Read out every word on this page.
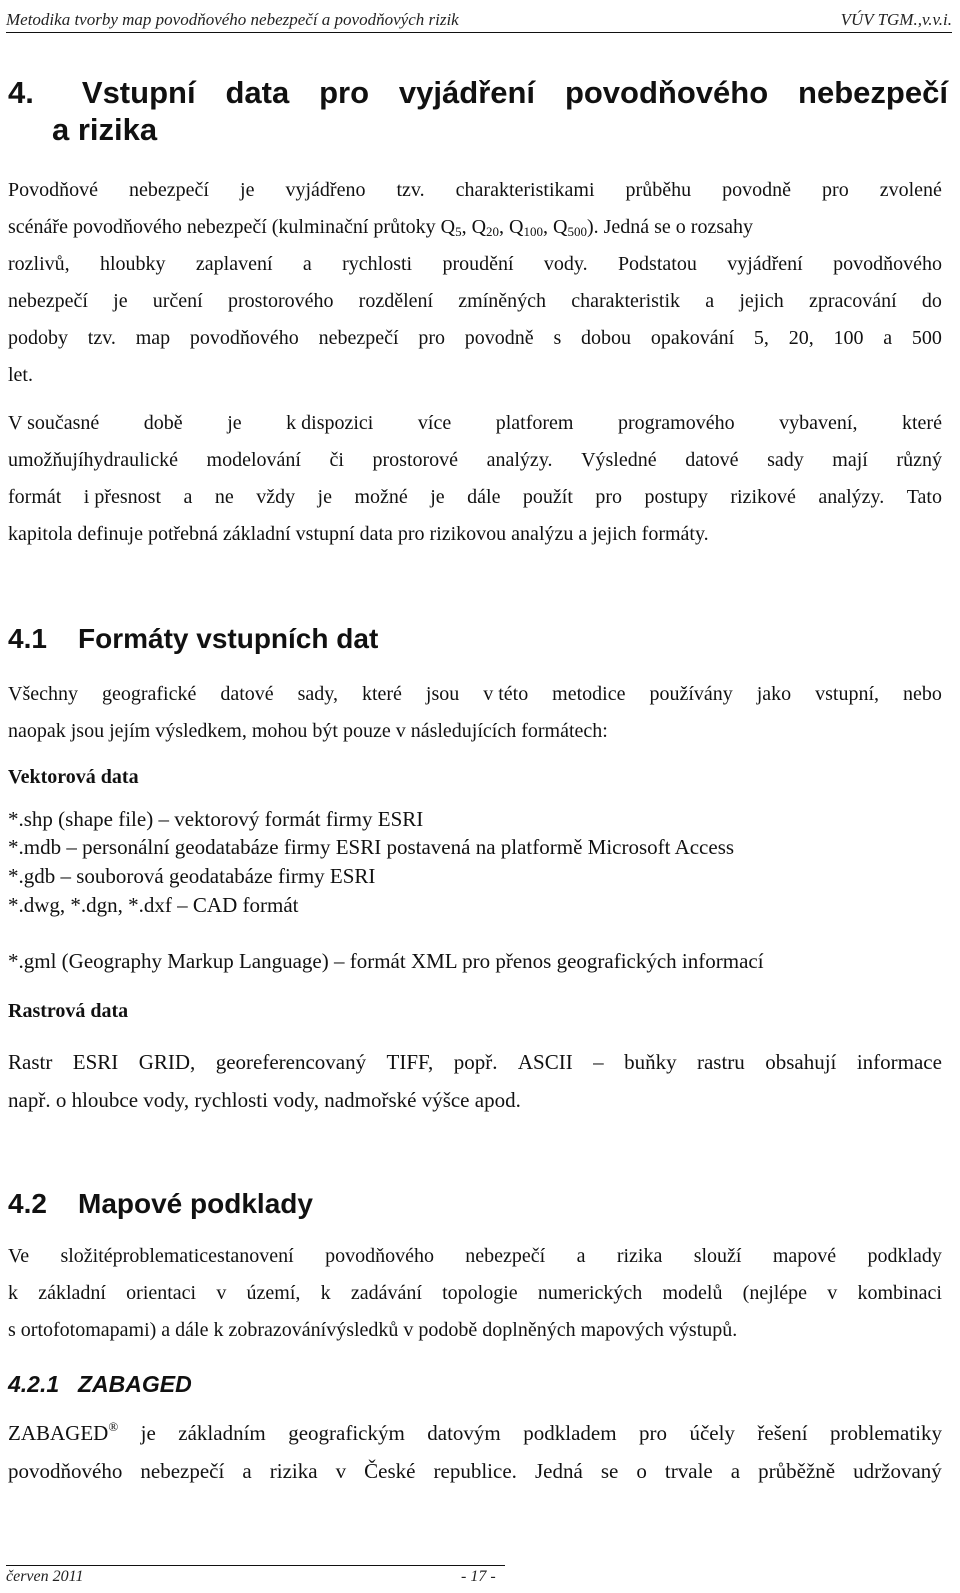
Metodika tvorby map povodňového nebezpečí a povodňových rizik	VÚV TGM.,v.v.i.
4.	Vstupní data pro vyjádření povodňového nebezpečí
a rizika
Povodňové nebezpečí je vyjádřeno tzv. charakteristikami průběhu povodně pro zvolené
scénáře povodňového nebezpečí (kulminační průtoky $Q_5$, $Q_{20}$, $Q_{100}$, $Q_{500}$). Jedná se o rozsahy
rozlivů, hloubky zaplavení a rychlosti proudění vody. Podstatou vyjádření povodňového
nebezpečí je určení prostorového rozdělení zmíněných charakteristik a jejich zpracování do
podoby tzv. map povodňového nebezpečí pro povodně s dobou opakování 5, 20, 100 a 500
let.
V současné době je k dispozici více platforem programového vybavení, které
umožňujíhydraulické modelování či prostorové analýzy. Výsledné datové sady mají různý
formát i přesnost a ne vždy je možné je dále použít pro postupy rizikové analýzy. Tato
kapitola definuje potřebná základní vstupní data pro rizikovou analýzu a jejich formáty.
4.1 Formáty vstupních dat
Všechny geografické datové sady, které jsou v této metodice používány jako vstupní, nebo
naopak jsou jejím výsledkem, mohou být pouze v následujících formátech:
Vektorová data
*.shp (shape file) – vektorový formát firmy ESRI
*.mdb – personální geodatabáze firmy ESRI postavená na platformě Microsoft Access
*.gdb – souborová geodatabáze firmy ESRI
*.dwg, *.dgn, *.dxf – CAD formát
*.gml (Geography Markup Language) – formát XML pro přenos geografických informací
Rastrová data
Rastr ESRI GRID, georeferencovaný TIFF, popř. ASCII – buňky rastru obsahují informace
např. o hloubce vody, rychlosti vody, nadmořské výšce apod.
4.2 Mapové podklady
Ve složitéproblematicestanovení povodňového nebezpečí a rizika slouží mapové podklady
k základní orientaci v území, k zadávání topologie numerických modelů (nejlépe v kombinaci
s ortofotomapami) a dále k zobrazovánívýsledků v podobě doplněných mapových výstupů.
4.2.1 ZABAGED
ZABAGED® je základním geografickým datovým podkladem pro účely řešení problematiky
povodňového nebezpečí a rizika v České republice. Jedná se o trvale a průběžně udržovaný
červen 2011	- 17 -
